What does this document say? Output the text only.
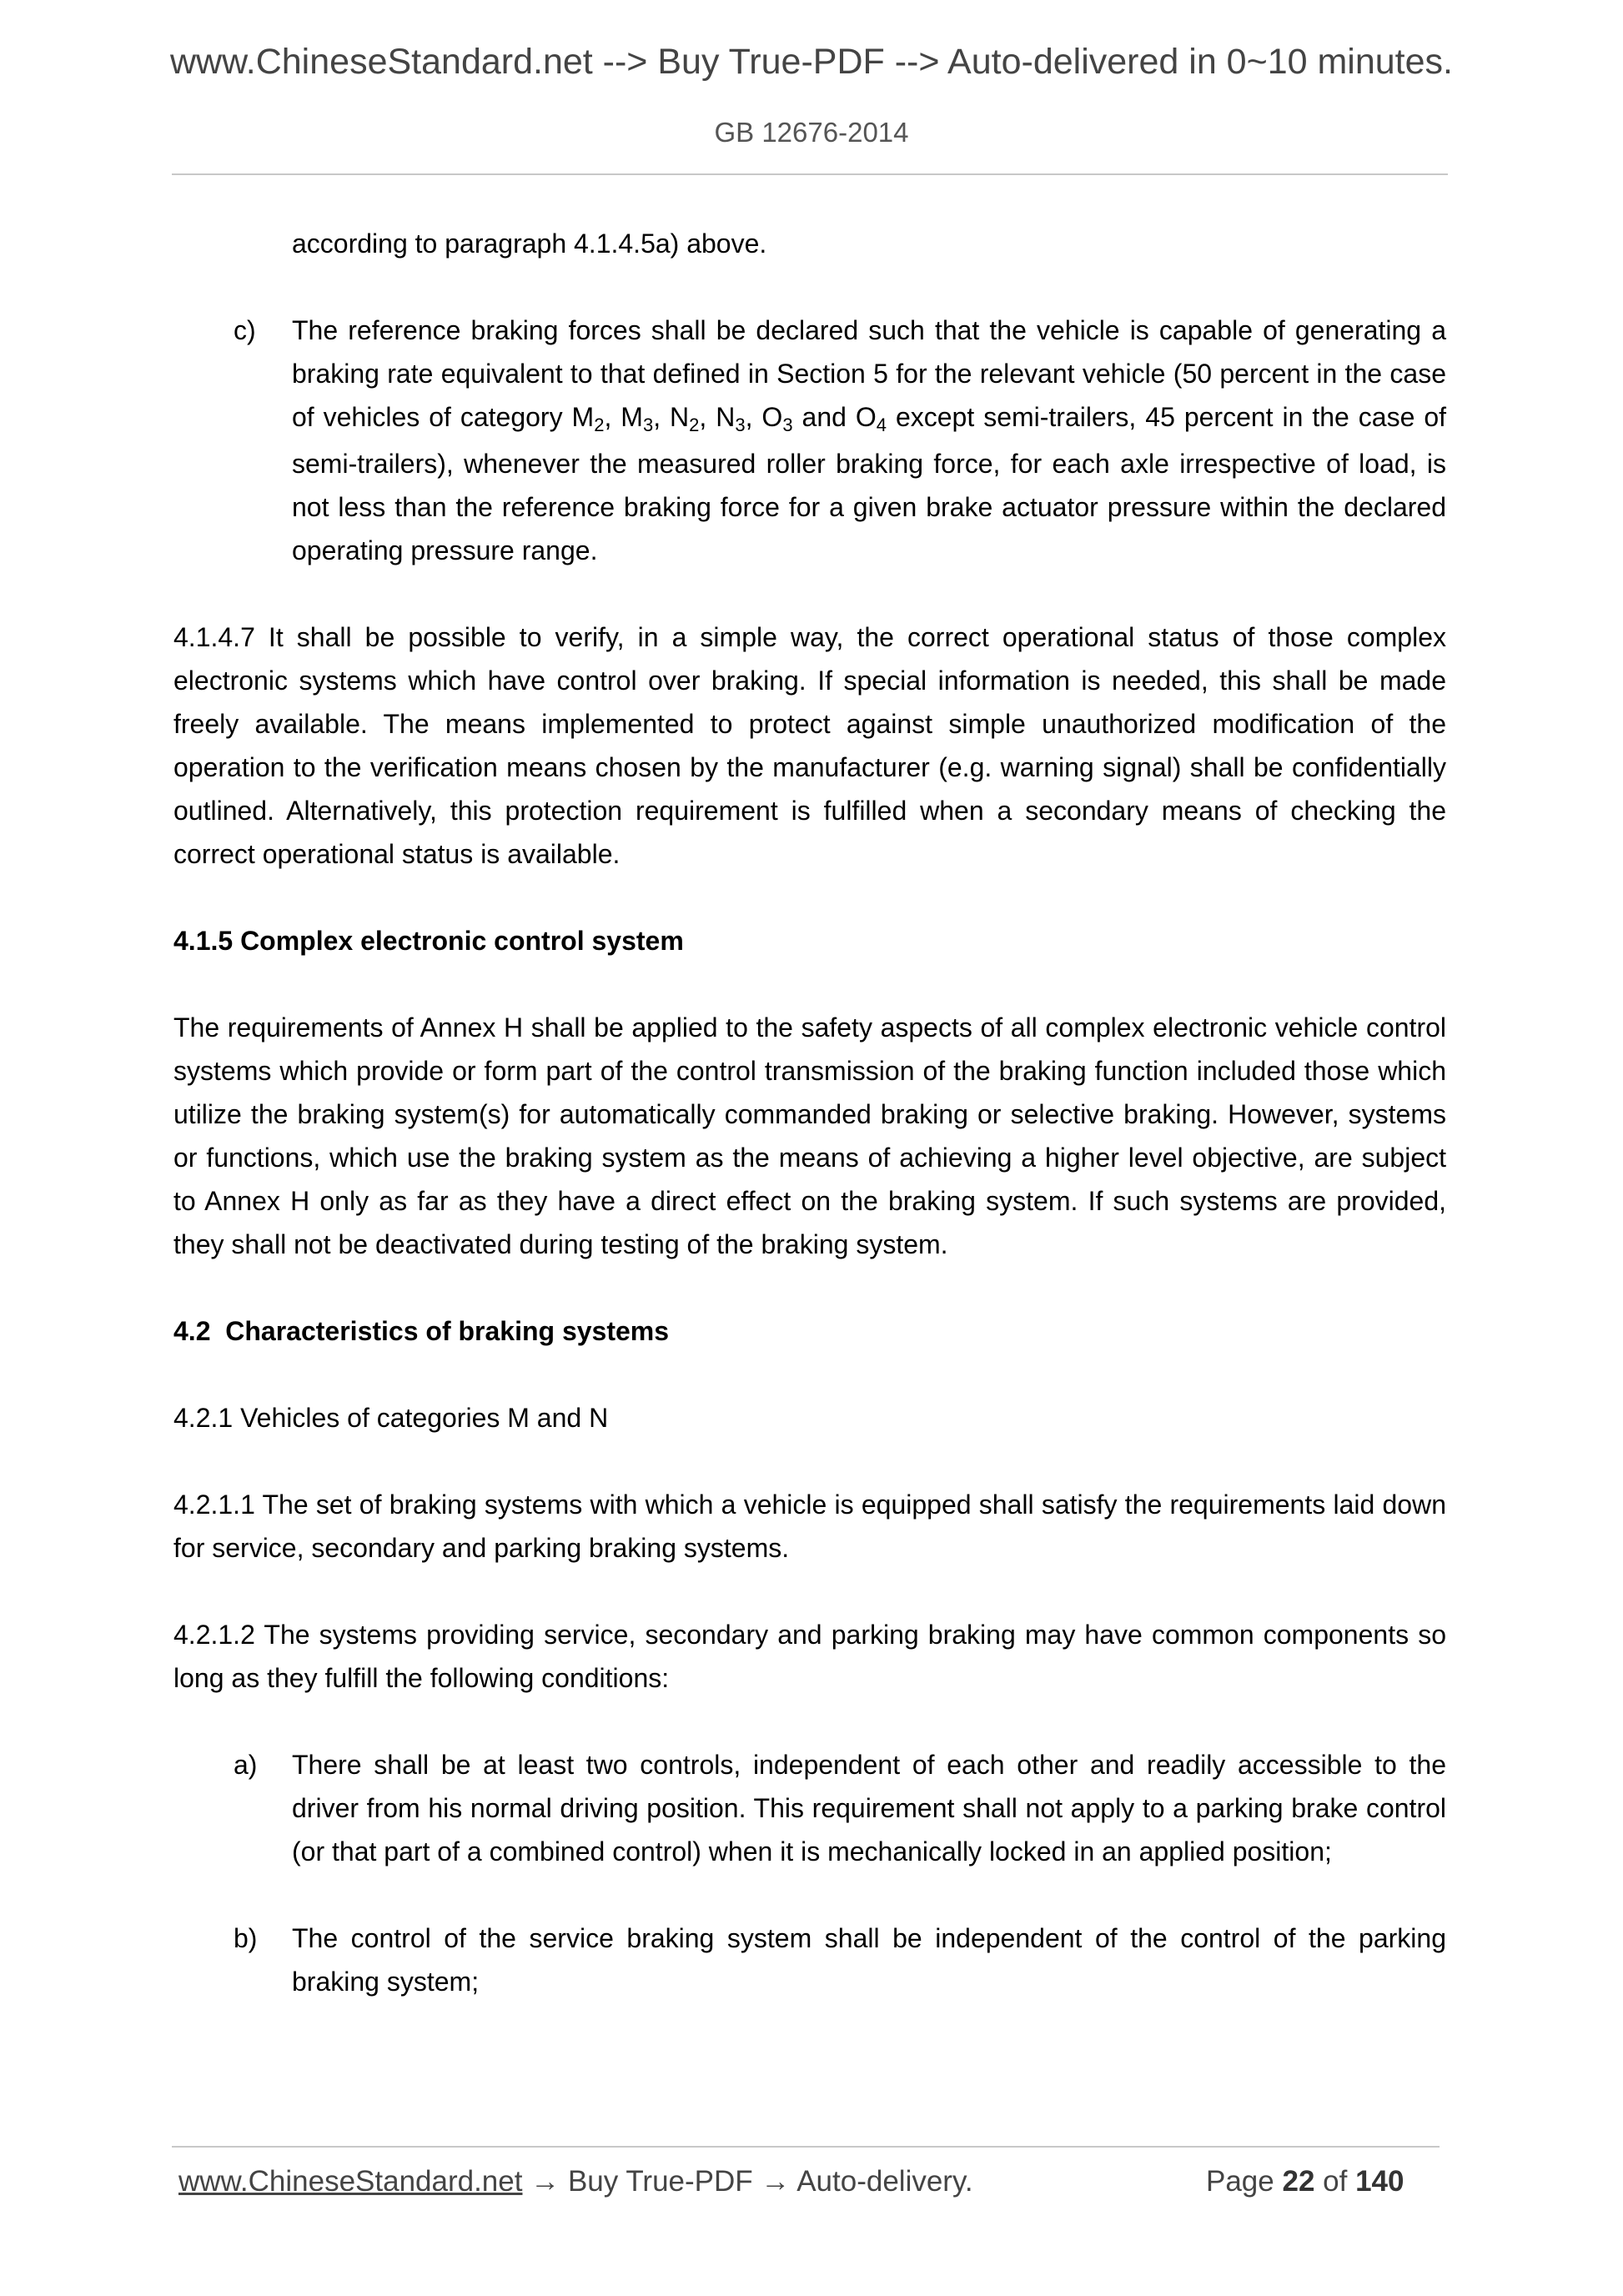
www.ChineseStandard.net --> Buy True-PDF --> Auto-delivered in 0~10 minutes.
GB 12676-2014

according to paragraph 4.1.4.5a) above.

c) The reference braking forces shall be declared such that the vehicle is capable of generating a braking rate equivalent to that defined in Section 5 for the relevant vehicle (50 percent in the case of vehicles of category $M_2$, $M_3$, $N_2$, $N_3$, $O_3$ and $O_4$ except semi-trailers, 45 percent in the case of semi-trailers), whenever the measured roller braking force, for each axle irrespective of load, is not less than the reference braking force for a given brake actuator pressure within the declared operating pressure range.

4.1.4.7 It shall be possible to verify, in a simple way, the correct operational status of those complex electronic systems which have control over braking. If special information is needed, this shall be made freely available. The means implemented to protect against simple unauthorized modification of the operation to the verification means chosen by the manufacturer (e.g. warning signal) shall be confidentially outlined. Alternatively, this protection requirement is fulfilled when a secondary means of checking the correct operational status is available.

4.1.5 Complex electronic control system

The requirements of Annex H shall be applied to the safety aspects of all complex electronic vehicle control systems which provide or form part of the control transmission of the braking function included those which utilize the braking system(s) for automatically commanded braking or selective braking. However, systems or functions, which use the braking system as the means of achieving a higher level objective, are subject to Annex H only as far as they have a direct effect on the braking system. If such systems are provided, they shall not be deactivated during testing of the braking system.

4.2  Characteristics of braking systems

4.2.1 Vehicles of categories M and N

4.2.1.1 The set of braking systems with which a vehicle is equipped shall satisfy the requirements laid down for service, secondary and parking braking systems.

4.2.1.2 The systems providing service, secondary and parking braking may have common components so long as they fulfill the following conditions:

a) There shall be at least two controls, independent of each other and readily accessible to the driver from his normal driving position. This requirement shall not apply to a parking brake control (or that part of a combined control) when it is mechanically locked in an applied position;
b) The control of the service braking system shall be independent of the control of the parking braking system;
www.ChineseStandard.net → Buy True-PDF → Auto-delivery.	Page 22 of 140
